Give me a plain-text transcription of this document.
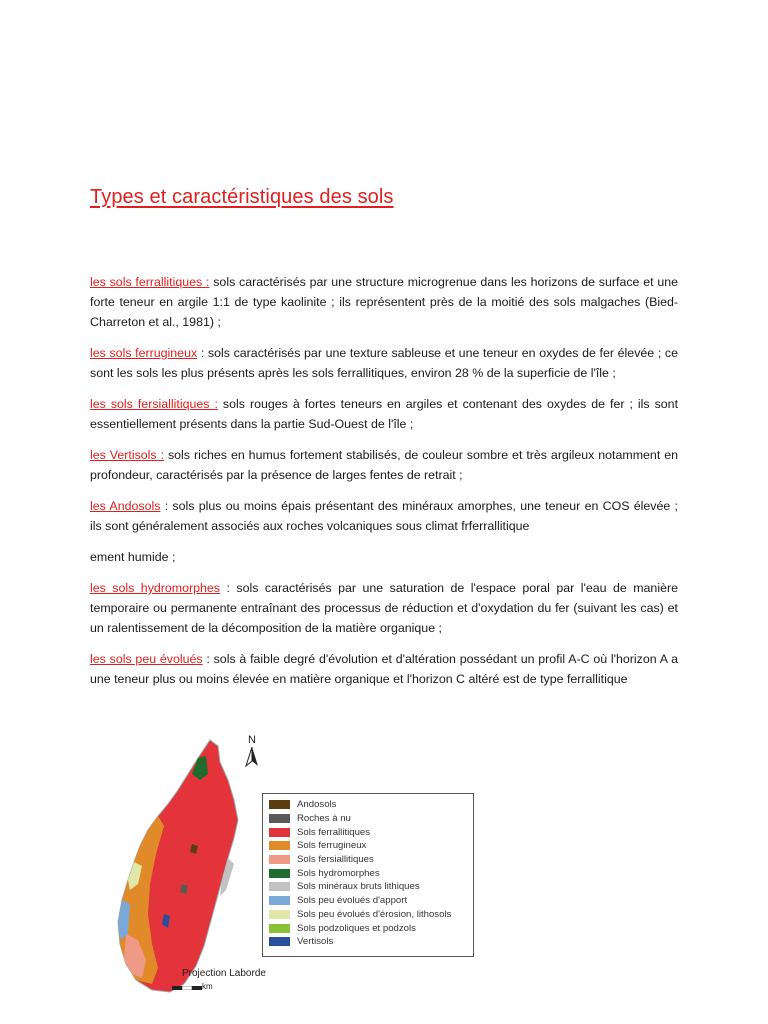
Types et caractéristiques des sols

les sols ferrallitiques : sols caractérisés par une structure microgrenue dans les horizons de surface et une forte teneur en argile 1:1 de type kaolinite ; ils représentent près de la moitié des sols malgaches (Bied-Charreton et al., 1981) ;

les sols ferrugineux : sols caractérisés par une texture sableuse et une teneur en oxydes de fer élevée ; ce sont les sols les plus présents après les sols ferrallitiques, environ 28 % de la superficie de l'île ;

les sols fersiallitiques : sols rouges à fortes teneurs en argiles et contenant des oxydes de fer ; ils sont essentiellement présents dans la partie Sud-Ouest de l'île ;

les Vertisols : sols riches en humus fortement stabilisés, de couleur sombre et très argileux notamment en profondeur, caractérisés par la présence de larges fentes de retrait ;

les Andosols : sols plus ou moins épais présentant des minéraux amorphes, une teneur en COS élevée ; ils sont généralement associés aux roches volcaniques sous climat frferrallitique

ement humide ;

les sols hydromorphes : sols caractérisés par une saturation de l'espace poral par l'eau de manière temporaire ou permanente entraînant des processus de réduction et d'oxydation du fer (suivant les cas) et un ralentissement de la décomposition de la matière organique ;

les sols peu évolués : sols à faible degré d'évolution et d'altération possédant un profil A-C où l'horizon A a une teneur plus ou moins élevée en matière organique et l'horizon C altéré est de type ferrallitique

N
Andosols
Roches à nu
Sols ferrallitiques
Sols ferrugineux
Sols fersiallitiques
Sols hydromorphes
Sols minéraux bruts lithiques
Sols peu évolués d'apport
Sols peu évolués d'érosion, lithosols
Sols podzoliques et podzols
Vertisols
Projection Laborde
km
